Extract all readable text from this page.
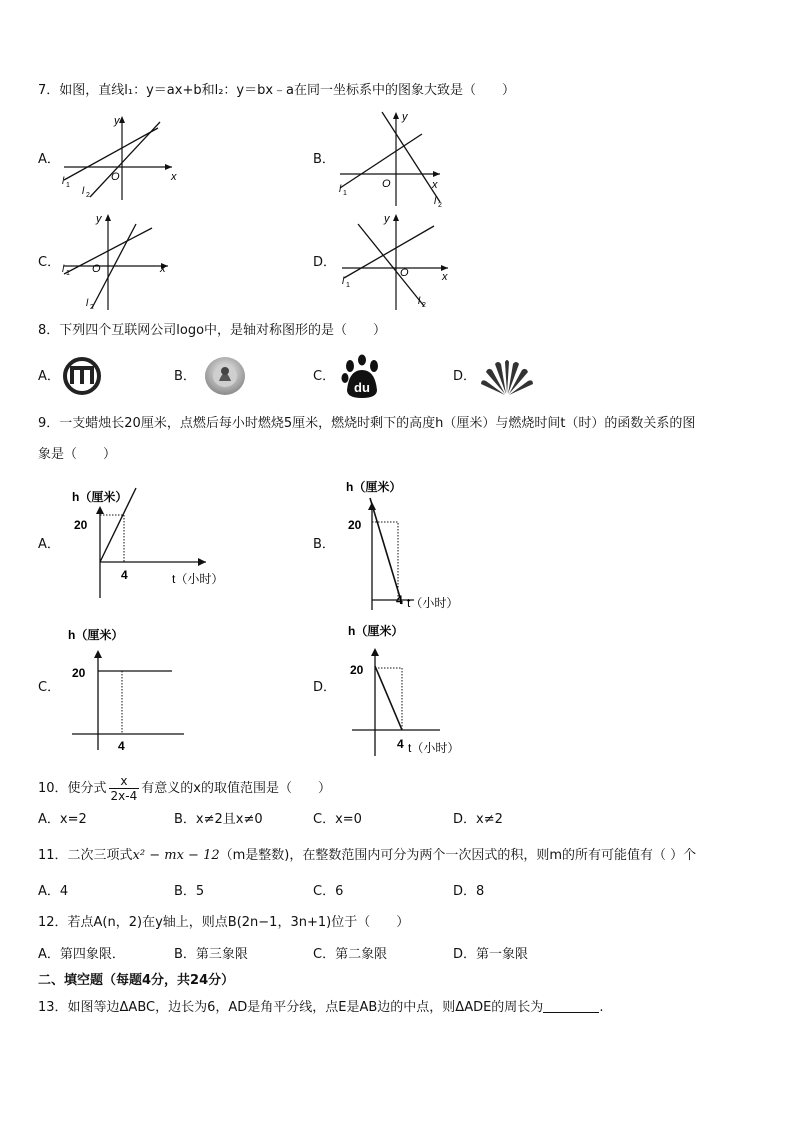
7．如图，直线l₁：y＝ax+b和l₂：y＝bx﹣a在同一坐标系中的图象大致是（　　）
A．
O	x
y
l 1
l 2
B．
O	x
y
l 1
l 2
C．	O	x
y
l 1
l 2
D．
O	x
y
l 1
l 2
8．下列四个互联网公司logo中，是轴对称图形的是（　　）
A．	B．	C．
du
D．
9．一支蜡烛长20厘米，点燃后每小时燃烧5厘米，燃烧时剩下的高度h（厘米）与燃烧时间t（时）的函数关系的图
象是（　　）
A．
h（厘米）
20
4	t（小时）
B．
h（厘米）
20
4 t（小时）
C．
h（厘米）
20
4
D．
h（厘米）
20
4 t（小时）
10．使分式 $\frac{x}{2x-4}$ 有意义的x的取值范围是（　　）
A．x=2	B．x≠2且x≠0	C．x=0	D．x≠2
11．二次三项式x² − mx − 12（m是整数)，在整数范围内可分为两个一次因式的积，则m的所有可能值有（ ）个
A．4	B．5	C．6	D．8
12．若点A(n，2)在y轴上，则点B(2n−1，3n+1)位于（　　）
A．第四象限．	B．第三象限	C．第二象限	D．第一象限
二、填空题（每题4分，共24分）
13．如图等边ΔABC，边长为6，AD是角平分线，点E是AB边的中点，则ΔADE的周长为	.
